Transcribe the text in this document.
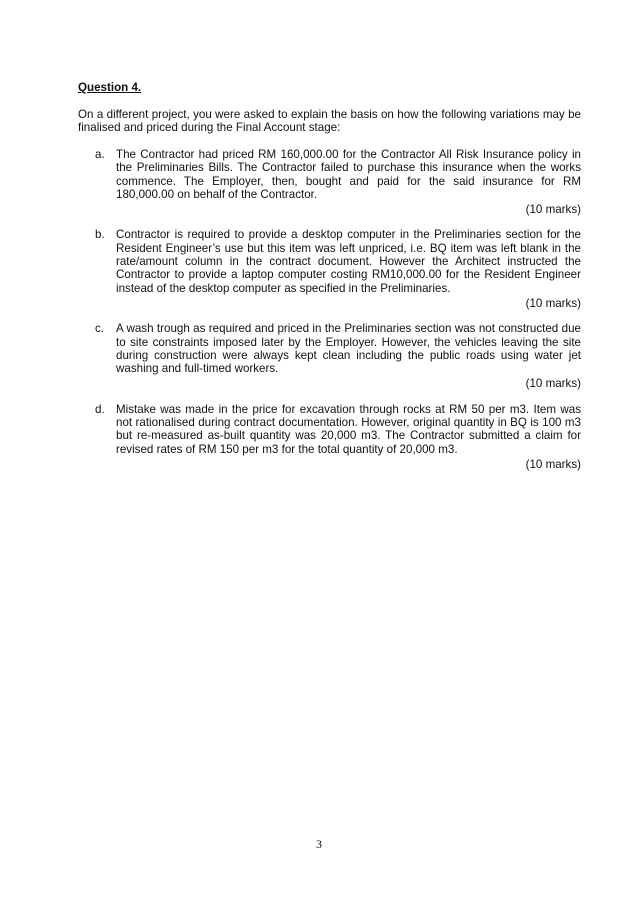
Question 4.
On a different project, you were asked to explain the basis on how the following variations may be finalised and priced during the Final Account stage:
a. The Contractor had priced RM 160,000.00 for the Contractor All Risk Insurance policy in the Preliminaries Bills. The Contractor failed to purchase this insurance when the works commence. The Employer, then, bought and paid for the said insurance for RM 180,000.00 on behalf of the Contractor.
(10 marks)
b. Contractor is required to provide a desktop computer in the Preliminaries section for the Resident Engineer’s use but this item was left unpriced, i.e. BQ item was left blank in the rate/amount column in the contract document. However the Architect instructed the Contractor to provide a laptop computer costing RM10,000.00 for the Resident Engineer instead of the desktop computer as specified in the Preliminaries.
(10 marks)
c. A wash trough as required and priced in the Preliminaries section was not constructed due to site constraints imposed later by the Employer. However, the vehicles leaving the site during construction were always kept clean including the public roads using water jet washing and full-timed workers.
(10 marks)
d. Mistake was made in the price for excavation through rocks at RM 50 per m3. Item was not rationalised during contract documentation. However, original quantity in BQ is 100 m3 but re-measured as-built quantity was 20,000 m3. The Contractor submitted a claim for revised rates of RM 150 per m3 for the total quantity of 20,000 m3.
(10 marks)
3
